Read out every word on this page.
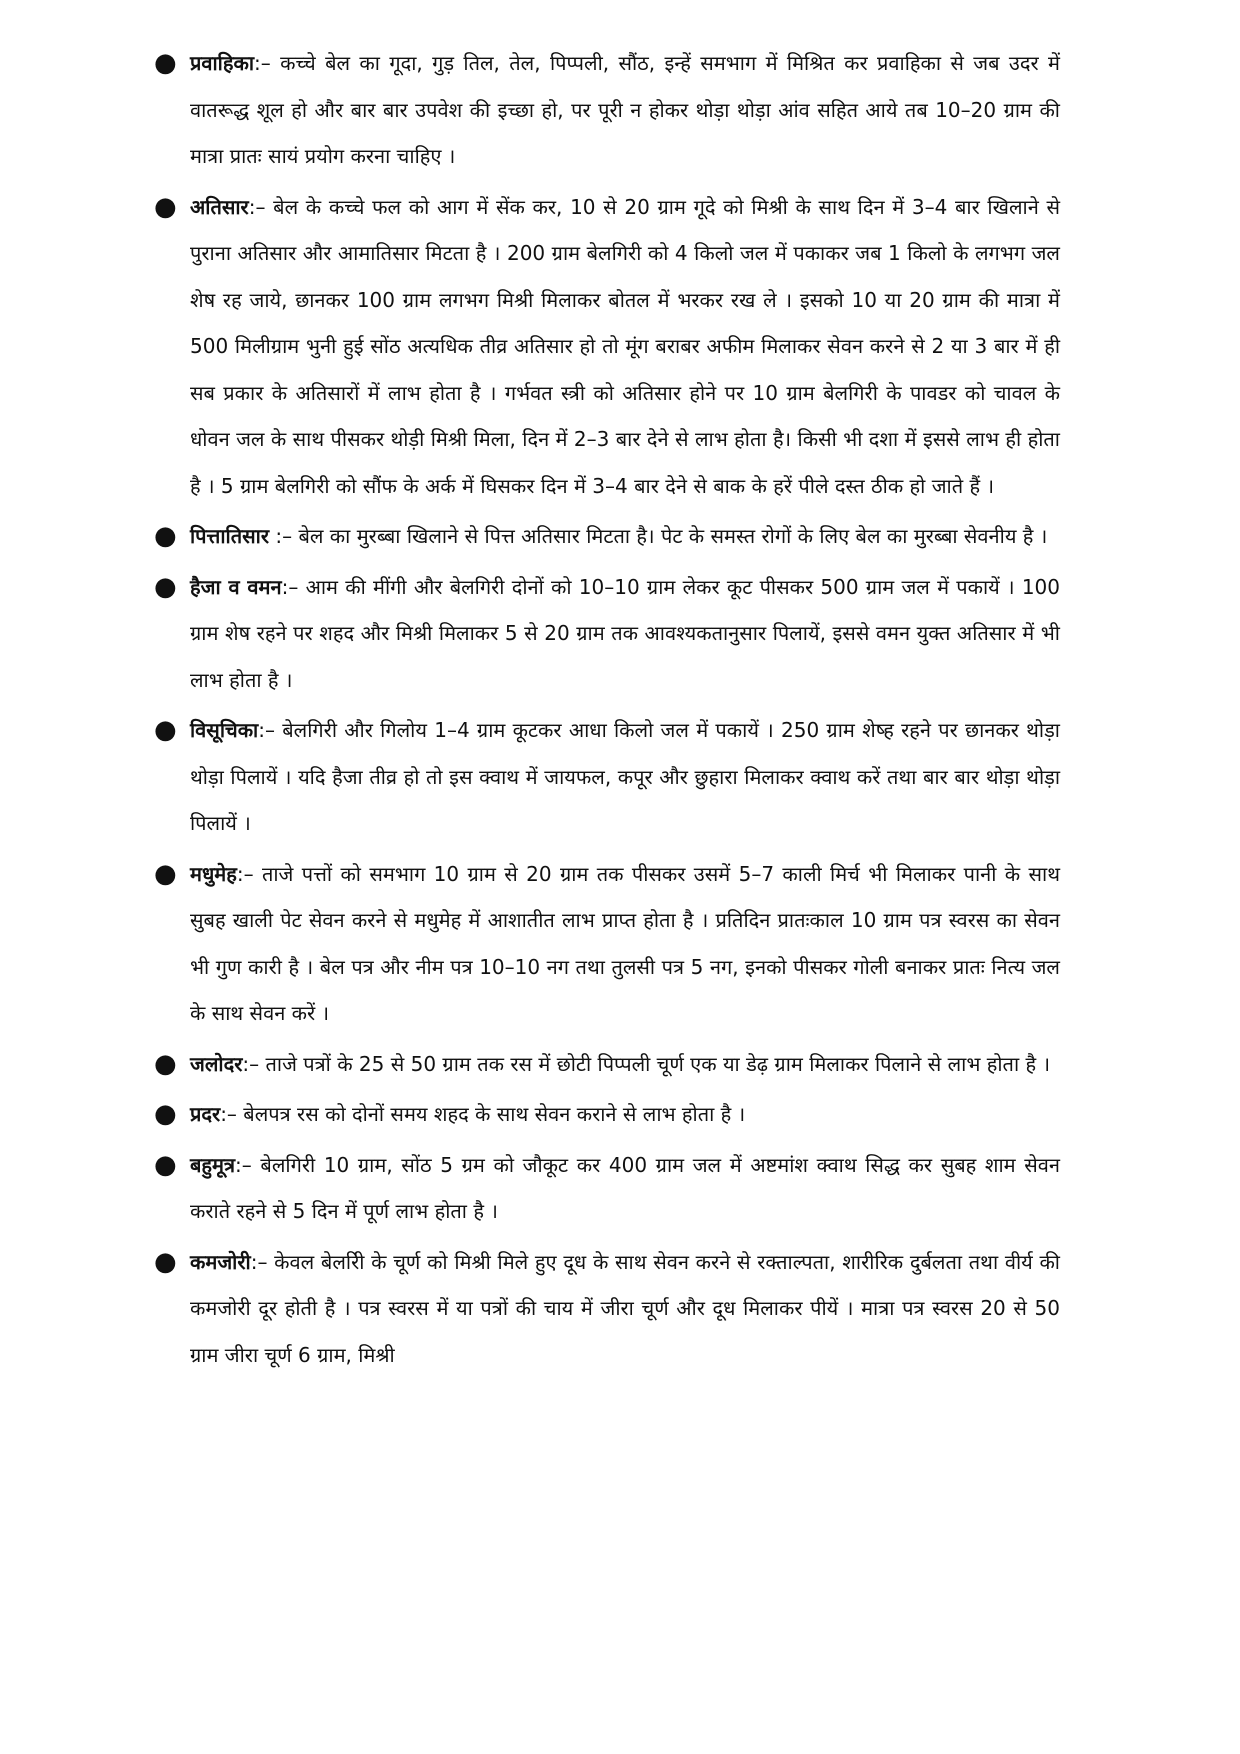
● प्रवाहिका:– कच्चे बेल का गूदा, गुड़ तिल, तेल, पिप्पली, सौंठ, इन्हें समभाग में मिश्रित कर प्रवाहिका से जब उदर में वातरूद्ध शूल हो और बार बार उपवेश की इच्छा हो, पर पूरी न होकर थोड़ा थोड़ा आंव सहित आये तब 10–20 ग्राम की मात्रा प्रातः सायं प्रयोग करना चाहिए ।
● अतिसार:– बेल के कच्चे फल को आग में सेंक कर, 10 से 20 ग्राम गूदे को मिश्री के साथ दिन में 3–4 बार खिलाने से पुराना अतिसार और आमातिसार मिटता है । 200 ग्राम बेलगिरी को 4 किलो जल में पकाकर जब 1 किलो के लगभग जल शेष रह जाये, छानकर 100 ग्राम लगभग मिश्री मिलाकर बोतल में भरकर रख ले । इसको 10 या 20 ग्राम की मात्रा में 500 मिलीग्राम भुनी हुई सोंठ अत्यधिक तीव्र अतिसार हो तो मूंग बराबर अफीम मिलाकर सेवन करने से 2 या 3 बार में ही सब प्रकार के अतिसारों में लाभ होता है । गर्भवत स्त्री को अतिसार होने पर 10 ग्राम बेलगिरी के पावडर को चावल के धोवन जल के साथ पीसकर थोड़ी मिश्री मिला, दिन में 2–3 बार देने से लाभ होता है। किसी भी दशा में इससे लाभ ही होता है । 5 ग्राम बेलगिरी को सौंफ के अर्क में घिसकर दिन में 3–4 बार देने से बाक के हरें पीले दस्त ठीक हो जाते हैं ।
● पित्तातिसार :– बेल का मुरब्बा खिलाने से पित्त अतिसार मिटता है। पेट के समस्त रोगों के लिए बेल का मुरब्बा सेवनीय है ।
● हैजा व वमन:– आम की मींगी और बेलगिरी दोनों को 10–10 ग्राम लेकर कूट पीसकर 500 ग्राम जल में पकायें । 100 ग्राम शेष रहने पर शहद और मिश्री मिलाकर 5 से 20 ग्राम तक आवश्यकतानुसार पिलायें, इससे वमन युक्त अतिसार में भी लाभ होता है ।
● विसूचिका:– बेलगिरी और गिलोय 1–4 ग्राम कूटकर आधा किलो जल में पकायें । 250 ग्राम शेष्ह रहने पर छानकर थोड़ा थोड़ा पिलायें । यदि हैजा तीव्र हो तो इस क्वाथ में जायफल, कपूर और छुहारा मिलाकर क्वाथ करें तथा बार बार थोड़ा थोड़ा पिलायें ।
● मधुमेह:– ताजे पत्तों को समभाग 10 ग्राम से 20 ग्राम तक पीसकर उसमें 5–7 काली मिर्च भी मिलाकर पानी के साथ सुबह खाली पेट सेवन करने से मधुमेह में आशातीत लाभ प्राप्त होता है । प्रतिदिन प्रातःकाल 10 ग्राम पत्र स्वरस का सेवन भी गुण कारी है । बेल पत्र और नीम पत्र 10–10 नग तथा तुलसी पत्र 5 नग, इनको पीसकर गोली बनाकर प्रातः नित्य जल के साथ सेवन करें ।
● जलोदर:– ताजे पत्रों के 25 से 50 ग्राम तक रस में छोटी पिप्पली चूर्ण एक या डेढ़ ग्राम मिलाकर पिलाने से लाभ होता है ।
● प्रदर:– बेलपत्र रस को दोनों समय शहद के साथ सेवन कराने से लाभ होता है ।
● बहुमूत्र:– बेलगिरी 10 ग्राम, सोंठ 5 ग्रम को जौकूट कर 400 ग्राम जल में अष्टमांश क्वाथ सिद्ध कर सुबह शाम सेवन कराते रहने से 5 दिन में पूर्ण लाभ होता है ।
● कमजोरी:– केवल बेलरिी के चूर्ण को मिश्री मिले हुए दूध के साथ सेवन करने से रक्ताल्पता, शारीरिक दुर्बलता तथा वीर्य की कमजोरी दूर होती है । पत्र स्वरस में या पत्रों की चाय में जीरा चूर्ण और दूध मिलाकर पीयें । मात्रा पत्र स्वरस 20 से 50 ग्राम जीरा चूर्ण 6 ग्राम, मिश्री
